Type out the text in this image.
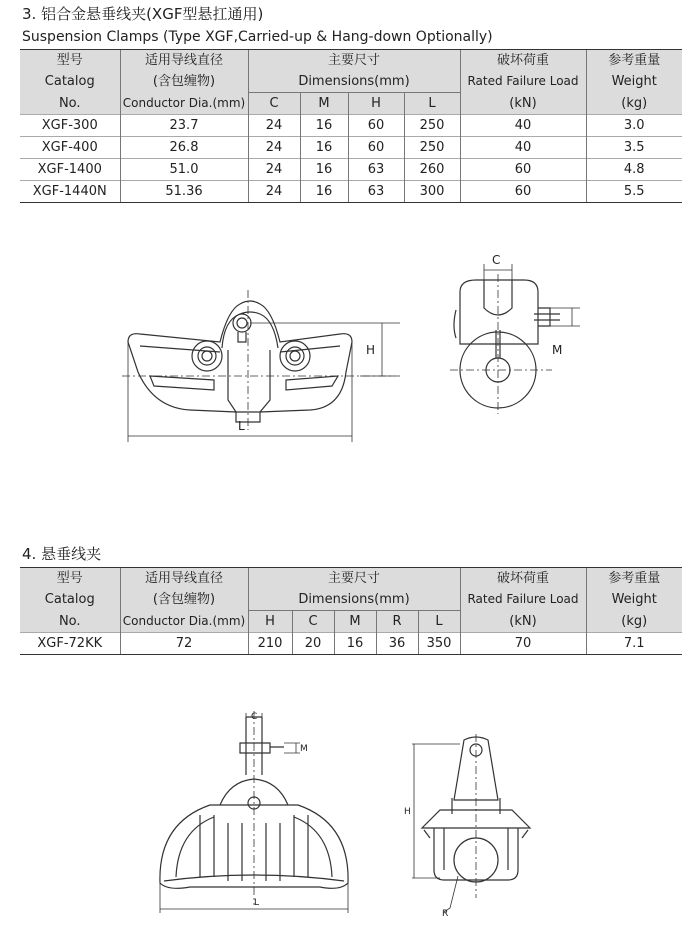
3. 铝合金悬垂线夹(XGF型悬扛通用)
Suspension Clamps (Type XGF,Carried-up & Hang-down Optionally)
型号	适用导线直径	主要尺寸				破坏荷重	参考重量
Catalog	(含包缠物)	Dimensions(mm)				Rated Failure Load	Weight
No.	Conductor Dia.(mm)	C	M	H	L	(kN)	(kg)
XGF-300	23.7	24	16	60	250	40	3.0
XGF-400	26.8	24	16	60	250	40	3.5
XGF-1400	51.0	24	16	63	260	60	4.8
XGF-1440N	51.36	24	16	63	300	60	5.5
H
L
C
M
4. 悬垂线夹
型号	适用导线直径	主要尺寸					破坏荷重	参考重量
Catalog	(含包缠物)	Dimensions(mm)					Rated Failure Load	Weight
No.	Conductor Dia.(mm)	H	C	M	R	L	(kN)	(kg)
XGF-72KK	72	210	20	16	36	350	70	7.1
C
M
L
H
R
